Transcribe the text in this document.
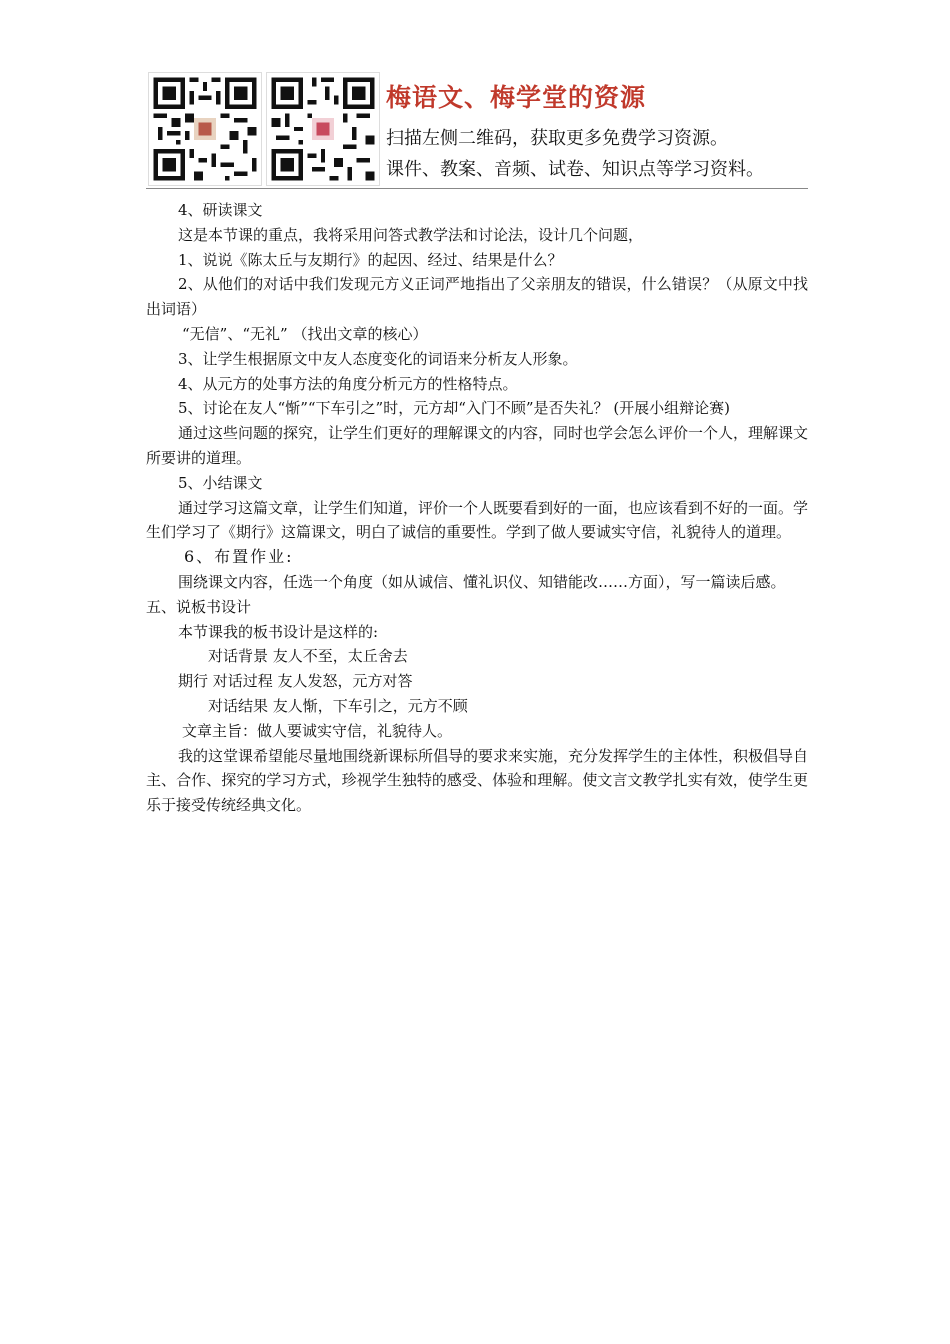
梅语文、梅学堂的资源
扫描左侧二维码，获取更多免费学习资源。
课件、教案、音频、试卷、知识点等学习资料。

4、研读课文

这是本节课的重点，我将采用问答式教学法和讨论法，设计几个问题，

1、说说《陈太丘与友期行》的起因、经过、结果是什么？

2、从他们的对话中我们发现元方义正词严地指出了父亲朋友的错误，什么错误？（从原文中找出词语）

“无信”、“无礼” （找出文章的核心）

3、让学生根据原文中友人态度变化的词语来分析友人形象。

4、从元方的处事方法的角度分析元方的性格特点。

5、讨论在友人“惭”“下车引之”时，元方却“入门不顾”是否失礼？ (开展小组辩论赛)

通过这些问题的探究，让学生们更好的理解课文的内容，同时也学会怎么评价一个人，理解课文所要讲的道理。

5、小结课文

通过学习这篇文章，让学生们知道，评价一个人既要看到好的一面，也应该看到不好的一面。学生们学习了《期行》这篇课文，明白了诚信的重要性。学到了做人要诚实守信，礼貌待人的道理。

6、布置作业:

围绕课文内容，任选一个角度（如从诚信、懂礼识仪、知错能改……方面），写一篇读后感。

五、说板书设计

本节课我的板书设计是这样的:

对话背景 友人不至，太丘舍去

期行 对话过程 友人发怒，元方对答

对话结果 友人惭，下车引之，元方不顾

文章主旨：做人要诚实守信，礼貌待人。

我的这堂课希望能尽量地围绕新课标所倡导的要求来实施，充分发挥学生的主体性，积极倡导自主、合作、探究的学习方式，珍视学生独特的感受、体验和理解。使文言文教学扎实有效，使学生更乐于接受传统经典文化。
